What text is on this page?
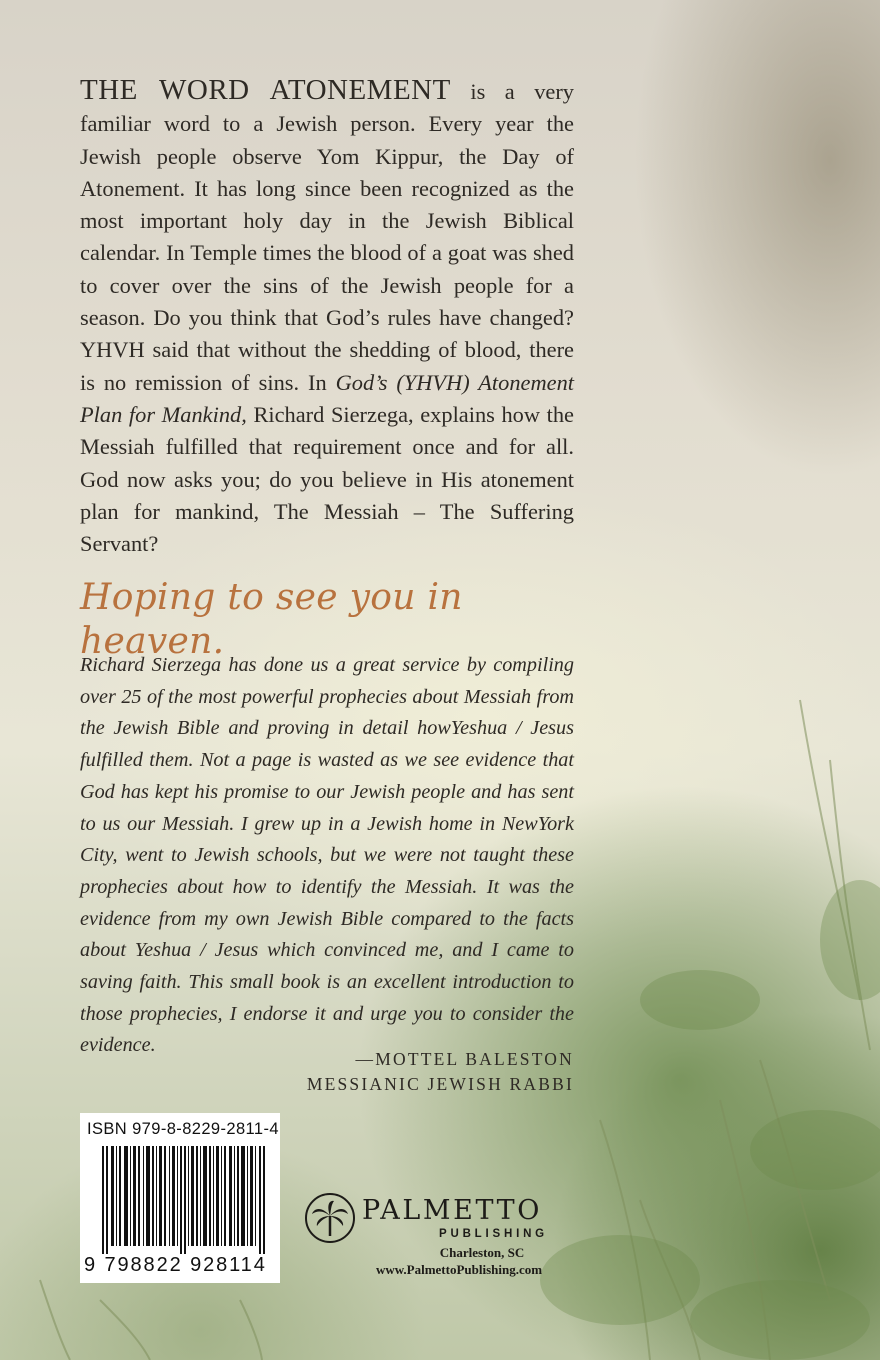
THE WORD ATONEMENT is a very familiar word to a Jewish person. Every year the Jewish people observe Yom Kippur, the Day of Atonement. It has long since been recognized as the most important holy day in the Jewish Biblical calendar. In Temple times the blood of a goat was shed to cover over the sins of the Jewish people for a season. Do you think that God’s rules have changed? YHVH said that without the shedding of blood, there is no remission of sins. In God’s (YHVH) Atonement Plan for Mankind, Richard Sierzega, explains how the Messiah fulfilled that requirement once and for all. God now asks you; do you believe in His atonement plan for mankind, The Messiah – The Suffering Servant?

Hoping to see you in heaven.

Richard Sierzega has done us a great service by compiling over 25 of the most powerful prophecies about Messiah from the Jewish Bible and proving in detail howYeshua / Jesus fulfilled them. Not a page is wasted as we see evidence that God has kept his promise to our Jewish people and has sent to us our Messiah. I grew up in a Jewish home in NewYork City, went to Jewish schools, but we were not taught these prophecies about how to identify the Messiah. It was the evidence from my own Jewish Bible compared to the facts about Yeshua / Jesus which convinced me, and I came to saving faith. This small book is an excellent introduction to those prophecies, I endorse it and urge you to consider the evidence.

—MOTTEL BALESTON
MESSIANIC JEWISH RABBI
ISBN 979-8-8229-2811-4
9 798822 928114
PALMETTO
PUBLISHING
Charleston, SC
www.PalmettoPublishing.com
